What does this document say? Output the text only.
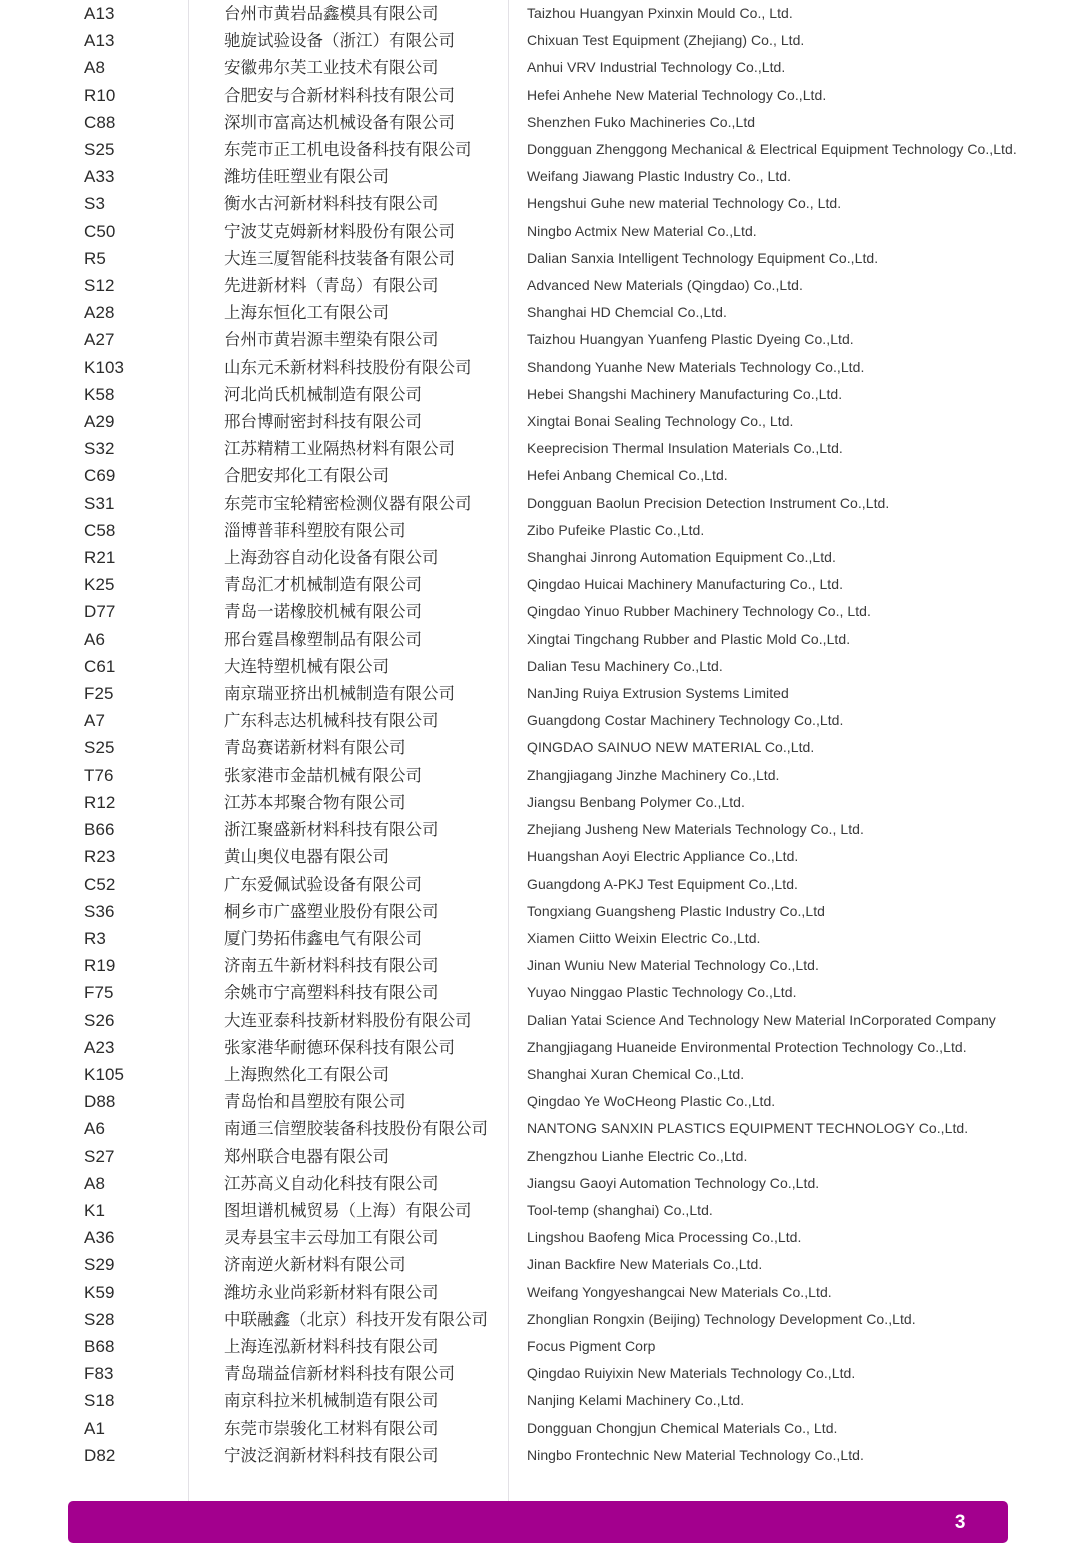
A13	台州市黄岩品鑫模具有限公司	Taizhou Huangyan Pxinxin Mould Co., Ltd.
A13	驰旋试验设备（浙江）有限公司	Chixuan Test Equipment (Zhejiang) Co., Ltd.
A8	安徽弗尔芙工业技术有限公司	Anhui VRV Industrial Technology Co.,Ltd.
R10	合肥安与合新材料科技有限公司	Hefei Anhehe New Material Technology Co.,Ltd.
C88	深圳市富高达机械设备有限公司	Shenzhen Fuko Machineries Co.,Ltd
S25	东莞市正工机电设备科技有限公司	Dongguan Zhenggong Mechanical & Electrical Equipment Technology Co.,Ltd.
A33	潍坊佳旺塑业有限公司	Weifang Jiawang Plastic Industry Co., Ltd.
S3	衡水古河新材料科技有限公司	Hengshui Guhe new material Technology Co., Ltd.
C50	宁波艾克姆新材料股份有限公司	Ningbo Actmix New Material Co.,Ltd.
R5	大连三厦智能科技装备有限公司	Dalian Sanxia Intelligent Technology Equipment Co.,Ltd.
S12	先进新材料（青岛）有限公司	Advanced New Materials (Qingdao) Co.,Ltd.
A28	上海东恒化工有限公司	Shanghai HD Chemcial Co.,Ltd.
A27	台州市黄岩源丰塑染有限公司	Taizhou Huangyan Yuanfeng Plastic Dyeing Co.,Ltd.
K103	山东元禾新材料科技股份有限公司	Shandong Yuanhe New Materials Technology Co.,Ltd.
K58	河北尚氏机械制造有限公司	Hebei Shangshi Machinery Manufacturing Co.,Ltd.
A29	邢台博耐密封科技有限公司	Xingtai Bonai Sealing Technology Co., Ltd.
S32	江苏精精工业隔热材料有限公司	Keeprecision Thermal Insulation Materials Co.,Ltd.
C69	合肥安邦化工有限公司	Hefei Anbang Chemical Co.,Ltd.
S31	东莞市宝轮精密检测仪器有限公司	Dongguan Baolun Precision Detection Instrument Co.,Ltd.
C58	淄博普菲科塑胶有限公司	Zibo Pufeike Plastic Co.,Ltd.
R21	上海劲容自动化设备有限公司	Shanghai Jinrong Automation Equipment Co.,Ltd.
K25	青岛汇才机械制造有限公司	Qingdao Huicai Machinery Manufacturing Co., Ltd.
D77	青岛一诺橡胶机械有限公司	Qingdao Yinuo Rubber Machinery Technology Co., Ltd.
A6	邢台霆昌橡塑制品有限公司	Xingtai Tingchang Rubber and Plastic Mold Co.,Ltd.
C61	大连特塑机械有限公司	Dalian Tesu Machinery Co.,Ltd.
F25	南京瑞亚挤出机械制造有限公司	NanJing Ruiya Extrusion Systems Limited
A7	广东科志达机械科技有限公司	Guangdong Costar Machinery Technology Co.,Ltd.
S25	青岛赛诺新材料有限公司	QINGDAO SAINUO NEW MATERIAL Co.,Ltd.
T76	张家港市金喆机械有限公司	Zhangjiagang Jinzhe Machinery Co.,Ltd.
R12	江苏本邦聚合物有限公司	Jiangsu Benbang Polymer Co.,Ltd.
B66	浙江聚盛新材料科技有限公司	Zhejiang Jusheng New Materials Technology Co., Ltd.
R23	黄山奥仪电器有限公司	Huangshan Aoyi Electric Appliance Co.,Ltd.
C52	广东爱佩试验设备有限公司	Guangdong A-PKJ Test Equipment Co.,Ltd.
S36	桐乡市广盛塑业股份有限公司	Tongxiang Guangsheng Plastic Industry Co.,Ltd
R3	厦门势拓伟鑫电气有限公司	Xiamen Ciitto Weixin Electric Co.,Ltd.
R19	济南五牛新材料科技有限公司	Jinan Wuniu New Material Technology Co.,Ltd.
F75	余姚市宁高塑料科技有限公司	Yuyao Ninggao Plastic Technology Co.,Ltd.
S26	大连亚泰科技新材料股份有限公司	Dalian Yatai Science And Technology New Material InCorporated Company
A23	张家港华耐德环保科技有限公司	Zhangjiagang Huaneide Environmental Protection Technology Co.,Ltd.
K105	上海煦然化工有限公司	Shanghai Xuran Chemical Co.,Ltd.
D88	青岛怡和昌塑胶有限公司	Qingdao Ye WoCHeong Plastic Co.,Ltd.
A6	南通三信塑胶装备科技股份有限公司	NANTONG SANXIN PLASTICS EQUIPMENT TECHNOLOGY Co.,Ltd.
S27	郑州联合电器有限公司	Zhengzhou Lianhe Electric Co.,Ltd.
A8	江苏高义自动化科技有限公司	Jiangsu Gaoyi Automation Technology Co.,Ltd.
K1	图坦谱机械贸易（上海）有限公司	Tool-temp (shanghai) Co.,Ltd.
A36	灵寿县宝丰云母加工有限公司	Lingshou Baofeng Mica Processing Co.,Ltd.
S29	济南逆火新材料有限公司	Jinan Backfire New Materials Co.,Ltd.
K59	潍坊永业尚彩新材料有限公司	Weifang Yongyeshangcai New Materials Co.,Ltd.
S28	中联融鑫（北京）科技开发有限公司	Zhonglian Rongxin (Beijing) Technology Development Co.,Ltd.
B68	上海连泓新材料科技有限公司	Focus Pigment Corp
F83	青岛瑞益信新材料科技有限公司	Qingdao Ruiyixin New Materials Technology Co.,Ltd.
S18	南京科拉米机械制造有限公司	Nanjing Kelami Machinery Co.,Ltd.
A1	东莞市崇骏化工材料有限公司	Dongguan Chongjun Chemical Materials Co., Ltd.
D82	宁波泛润新材料科技有限公司	Ningbo Frontechnic New Material Technology Co.,Ltd.
3
